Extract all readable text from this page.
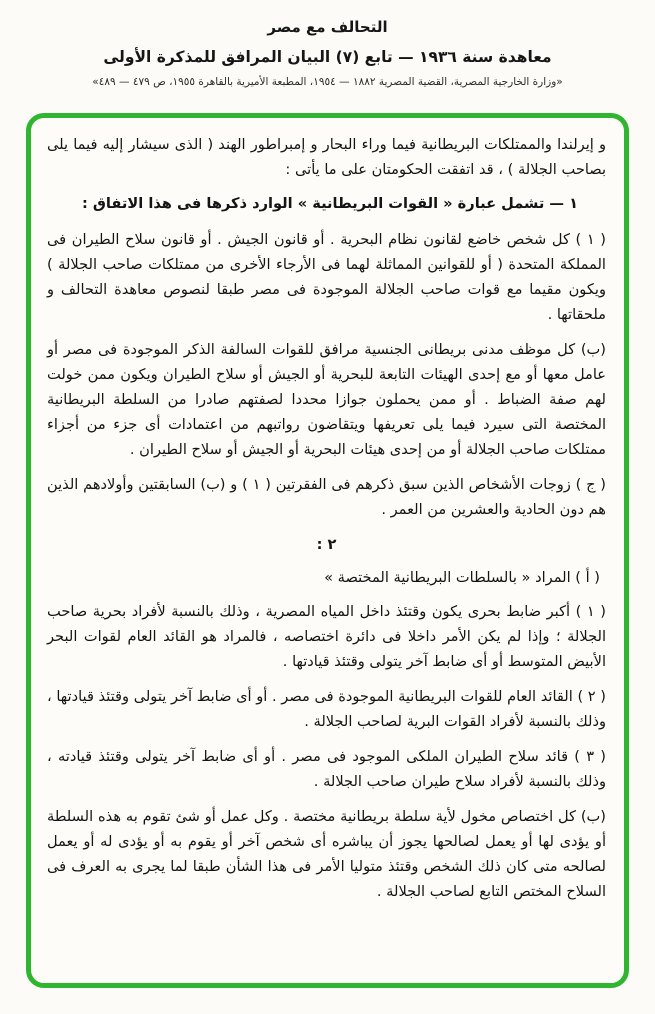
التحالف مع مصر
معاهدة سنة ١٩٣٦ — تابع (٧) البيان المرافق للمذكرة الأولى
«وزارة الخارجية المصرية، القضية المصرية ١٨٨٢ — ١٩٥٤، المطبعة الأميرية بالقاهرة ١٩٥٥، ص ٤٧٩ — ٤٨٩»

و إيرلندا والممتلكات البريطانية فيما وراء البحار و إمبراطور الهند ( الذى سيشار إليه فيما يلى بصاحب الجلالة ) ، قد اتفقت الحكومتان على ما يأتى :

١ — تشمل عبارة « القوات البريطانية » الوارد ذكرها فى هذا الاتفاق :

( ١ ) كل شخص خاضع لقانون نظام البحرية . أو قانون الجيش . أو قانون سلاح الطيران فى المملكة المتحدة ( أو للقوانين المماثلة لهما فى الأرجاء الأخرى من ممتلكات صاحب الجلالة ) ويكون مقيما مع قوات صاحب الجلالة الموجودة فى مصر طبقا لنصوص معاهدة التحالف و ملحقاتها .

(ب) كل موظف مدنى بريطانى الجنسية مرافق للقوات السالفة الذكر الموجودة فى مصر أو عامل معها أو مع إحدى الهيئات التابعة للبحرية أو الجيش أو سلاح الطيران ويكون ممن خولت لهم صفة الضباط . أو ممن يحملون جوازا محددا لصفتهم صادرا من السلطة البريطانية المختصة التى سيرد فيما يلى تعريفها ويتقاضون رواتبهم من اعتمادات أى جزء من أجزاء ممتلكات صاحب الجلالة أو من إحدى هيئات البحرية أو الجيش أو سلاح الطيران .

( ج ) زوجات الأشخاص الذين سبق ذكرهم فى الفقرتين ( ١ ) و (ب) السابقتين وأولادهم الذين هم دون الحادية والعشرين من العمر .

٢ :

( أ ) المراد « بالسلطات البريطانية المختصة »

( ١ ) أكبر ضابط بحرى يكون وقتئذ داخل المياه المصرية ، وذلك بالنسبة لأفراد بحرية صاحب الجلالة ؛ وإذا لم يكن الأمر داخلا فى دائرة اختصاصه ، فالمراد هو القائد العام لقوات البحر الأبيض المتوسط أو أى ضابط آخر يتولى وقتئذ قيادتها .

( ٢ ) القائد العام للقوات البريطانية الموجودة فى مصر . أو أى ضابط آخر يتولى وقتئذ قيادتها ، وذلك بالنسبة لأفراد القوات البرية لصاحب الجلالة .

( ٣ ) قائد سلاح الطيران الملكى الموجود فى مصر . أو أى ضابط آخر يتولى وقتئذ قيادته ، وذلك بالنسبة لأفراد سلاح طيران صاحب الجلالة .

(ب) كل اختصاص مخول لأية سلطة بريطانية مختصة . وكل عمل أو شئ تقوم به هذه السلطة أو يؤدى لها أو يعمل لصالحها يجوز أن يباشره أى شخص آخر أو يقوم به أو يؤدى له أو يعمل لصالحه متى كان ذلك الشخص وقتئذ متوليا الأمر فى هذا الشأن طبقا لما يجرى به العرف فى السلاح المختص التابع لصاحب الجلالة .
